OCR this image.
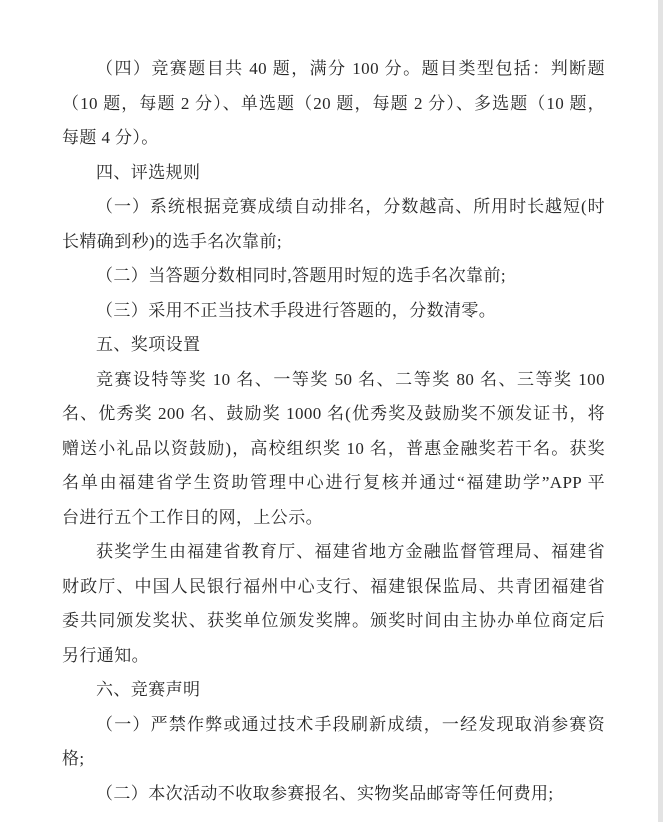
（四）竞赛题目共 40 题，满分 100 分。题目类型包括：判断题
（10 题，每题 2 分）、单选题（20 题，每题 2 分）、多选题（10 题，
每题 4 分）。
四、评选规则
（一）系统根据竞赛成绩自动排名，分数越高、所用时长越短(时
长精确到秒)的选手名次靠前;
（二）当答题分数相同时,答题用时短的选手名次靠前;
（三）采用不正当技术手段进行答题的，分数清零。
五、奖项设置
竞赛设特等奖 10 名、一等奖 50 名、二等奖 80 名、三等奖 100
名、优秀奖 200 名、鼓励奖 1000 名(优秀奖及鼓励奖不颁发证书，将
赠送小礼品以资鼓励)，高校组织奖 10 名，普惠金融奖若干名。获奖
名单由福建省学生资助管理中心进行复核并通过“福建助学”APP 平
台进行五个工作日的网，上公示。
获奖学生由福建省教育厅、福建省地方金融监督管理局、福建省
财政厅、中国人民银行福州中心支行、福建银保监局、共青团福建省
委共同颁发奖状、获奖单位颁发奖牌。颁奖时间由主协办单位商定后
另行通知。
六、竞赛声明
（一）严禁作弊或通过技术手段刷新成绩，一经发现取消参赛资
格;
（二）本次活动不收取参赛报名、实物奖品邮寄等任何费用;
